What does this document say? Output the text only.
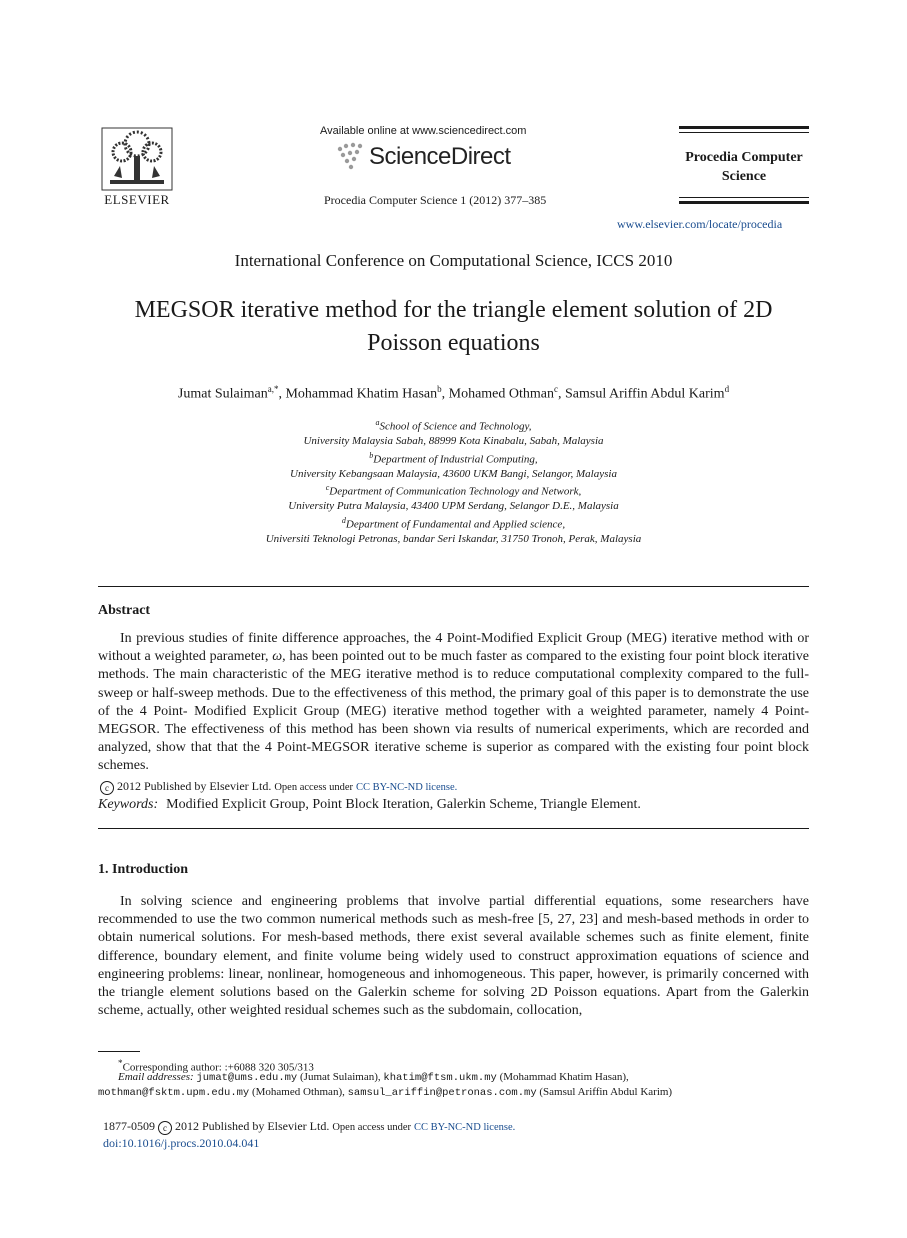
ELSEVIER
Available online at www.sciencedirect.com
ScienceDirect
Procedia Computer Science 1 (2012) 377–385
Procedia Computer
Science
www.elsevier.com/locate/procedia
International Conference on Computational Science, ICCS 2010
MEGSOR iterative method for the triangle element solution of 2D
Poisson equations
Jumat Sulaiman$^{a,*}$, Mohammad Khatim Hasan$^b$, Mohamed Othman$^c$, Samsul Ariffin Abdul Karim$^d$
$^a$School of Science and Technology,
University Malaysia Sabah, 88999 Kota Kinabalu, Sabah, Malaysia
$^b$Department of Industrial Computing,
University Kebangsaan Malaysia, 43600 UKM Bangi, Selangor, Malaysia
$^c$Department of Communication Technology and Network,
University Putra Malaysia, 43400 UPM Serdang, Selangor D.E., Malaysia
$^d$Department of Fundamental and Applied science,
Universiti Teknologi Petronas, bandar Seri Iskandar, 31750 Tronoh, Perak, Malaysia
Abstract
In previous studies of finite difference approaches, the 4 Point-Modified Explicit Group (MEG) iterative method with or without a weighted parameter, ω, has been pointed out to be much faster as compared to the existing four point block iterative methods. The main characteristic of the MEG iterative method is to reduce computational complexity compared to the full-sweep or half-sweep methods. Due to the effectiveness of this method, the primary goal of this paper is to demonstrate the use of the 4 Point- Modified Explicit Group (MEG) iterative method together with a weighted parameter, namely 4 Point-MEGSOR. The effectiveness of this method has been shown via results of numerical experiments, which are recorded and analyzed, show that that the 4 Point-MEGSOR iterative scheme is superior as compared with the existing four point block schemes.
c 2012 Published by Elsevier Ltd. Open access under CC BY-NC-ND license.
Keywords: Modified Explicit Group, Point Block Iteration, Galerkin Scheme, Triangle Element.
1. Introduction
In solving science and engineering problems that involve partial differential equations, some researchers have recommended to use the two common numerical methods such as mesh-free [5, 27, 23] and mesh-based methods in order to obtain numerical solutions. For mesh-based methods, there exist several available schemes such as finite element, finite difference, boundary element, and finite volume being widely used to construct approximation equations of science and engineering problems: linear, nonlinear, homogeneous and inhomogeneous. This paper, however, is primarily concerned with the triangle element solutions based on the Galerkin scheme for solving 2D Poisson equations. Apart from the Galerkin scheme, actually, other weighted residual schemes such as the subdomain, collocation,
*Corresponding author: :+6088 320 305/313
Email addresses: jumat@ums.edu.my (Jumat Sulaiman), khatim@ftsm.ukm.my (Mohammad Khatim Hasan),
mothman@fsktm.upm.edu.my (Mohamed Othman), samsul_ariffin@petronas.com.my (Samsul Ariffin Abdul Karim)
1877-0509 c 2012 Published by Elsevier Ltd. Open access under CC BY-NC-ND license.
doi:10.1016/j.procs.2010.04.041
